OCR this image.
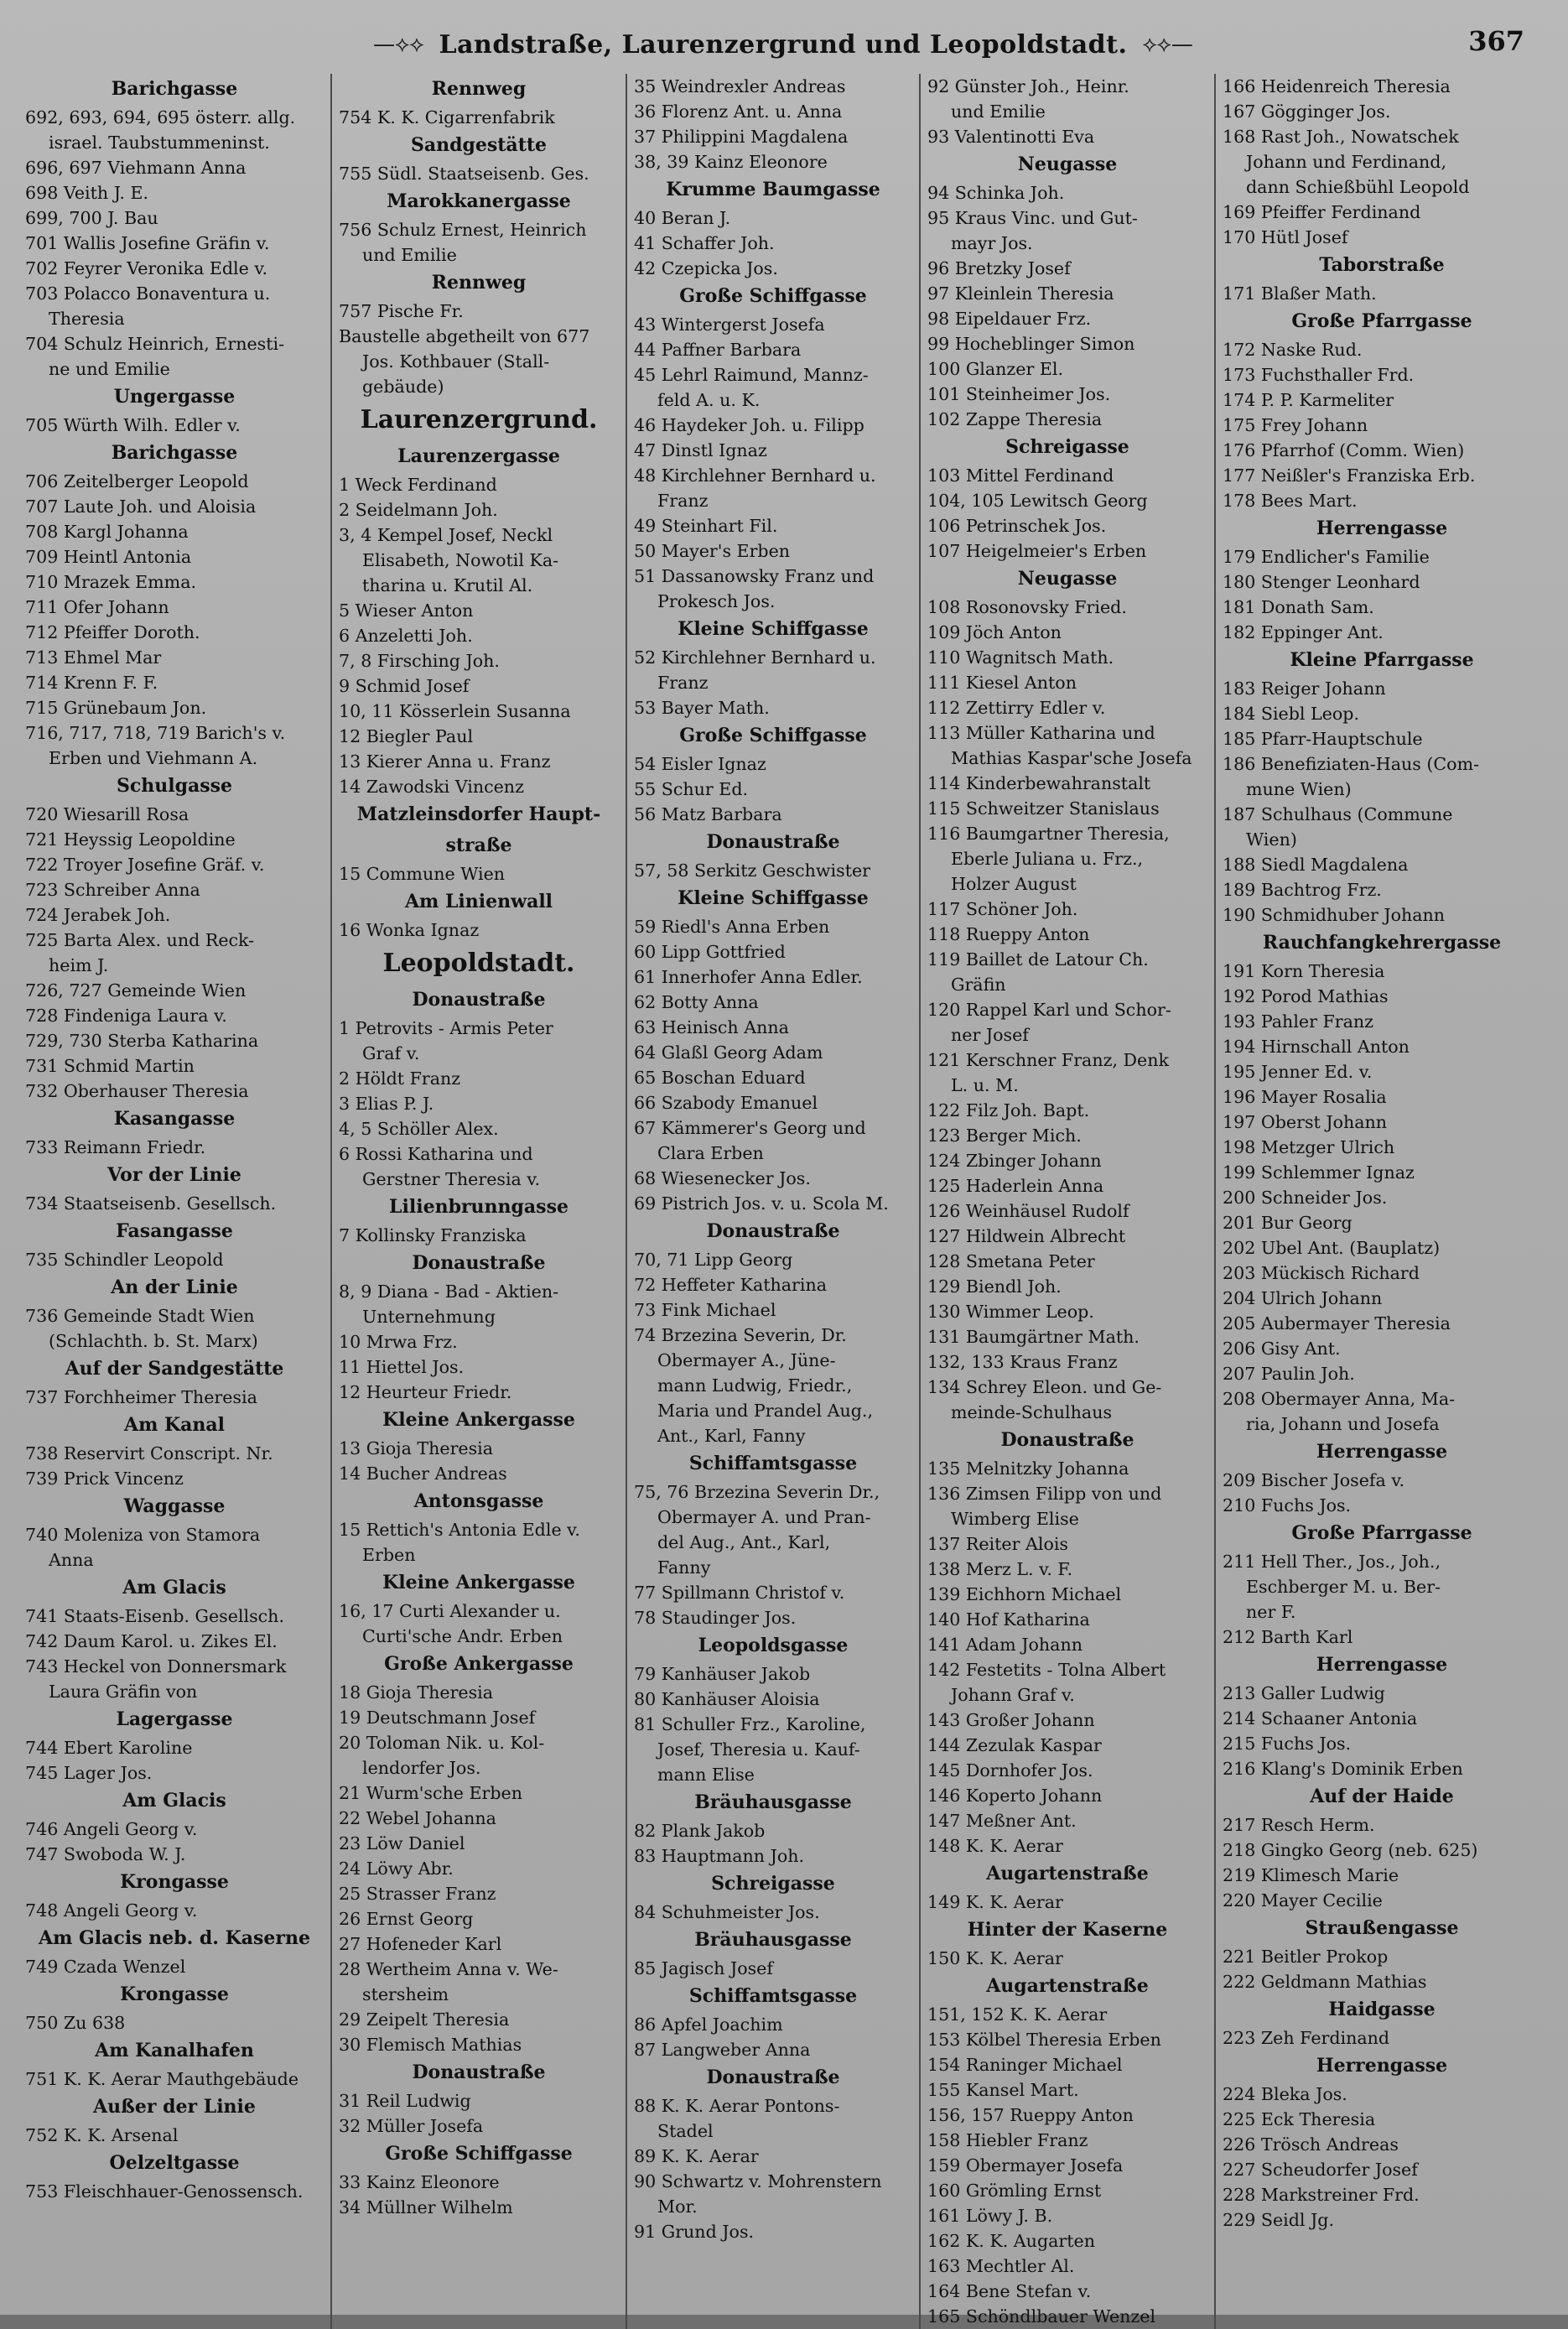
—⟡⟡ Landstraße, Laurenzergrund und Leopoldstadt. ⟡⟡—	367
Barichgasse
692, 693, 694, 695 österr. allg.
israel. Taubstummeninst.
696, 697 Viehmann Anna
698 Veith J. E.
699, 700 J. Bau
701 Wallis Josefine Gräfin v.
702 Feyrer Veronika Edle v.
703 Polacco Bonaventura u.
Theresia
704 Schulz Heinrich, Ernesti-
ne und Emilie
Ungergasse
705 Würth Wilh. Edler v.
Barichgasse
706 Zeitelberger Leopold
707 Laute Joh. und Aloisia
708 Kargl Johanna
709 Heintl Antonia
710 Mrazek Emma.
711 Ofer Johann
712 Pfeiffer Doroth.
713 Ehmel Mar
714 Krenn F. F.
715 Grünebaum Jon.
716, 717, 718, 719 Barich's v.
Erben und Viehmann A.
Schulgasse
720 Wiesarill Rosa
721 Heyssig Leopoldine
722 Troyer Josefine Gräf. v.
723 Schreiber Anna
724 Jerabek Joh.
725 Barta Alex. und Reck-
heim J.
726, 727 Gemeinde Wien
728 Findeniga Laura v.
729, 730 Sterba Katharina
731 Schmid Martin
732 Oberhauser Theresia
Kasangasse
733 Reimann Friedr.
Vor der Linie
734 Staatseisenb. Gesellsch.
Fasangasse
735 Schindler Leopold
An der Linie
736 Gemeinde Stadt Wien
(Schlachth. b. St. Marx)
Auf der Sandgestätte
737 Forchheimer Theresia
Am Kanal
738 Reservirt Conscript. Nr.
739 Prick Vincenz
Waggasse
740 Moleniza von Stamora
Anna
Am Glacis
741 Staats-Eisenb. Gesellsch.
742 Daum Karol. u. Zikes El.
743 Heckel von Donnersmark
Laura Gräfin von
Lagergasse
744 Ebert Karoline
745 Lager Jos.
Am Glacis
746 Angeli Georg v.
747 Swoboda W. J.
Krongasse
748 Angeli Georg v.
Am Glacis neb. d. Kaserne
749 Czada Wenzel
Krongasse
750 Zu 638
Am Kanalhafen
751 K. K. Aerar Mauthgebäude
Außer der Linie
752 K. K. Arsenal
Oelzeltgasse
753 Fleischhauer-Genossensch.
Rennweg
754 K. K. Cigarrenfabrik
Sandgestätte
755 Südl. Staatseisenb. Ges.
Marokkanergasse
756 Schulz Ernest, Heinrich
und Emilie
Rennweg
757 Pische Fr.
Baustelle abgetheilt von 677
Jos. Kothbauer (Stall-
gebäude)
Laurenzergrund.
Laurenzergasse
1 Weck Ferdinand
2 Seidelmann Joh.
3, 4 Kempel Josef, Neckl
Elisabeth, Nowotil Ka-
tharina u. Krutil Al.
5 Wieser Anton
6 Anzeletti Joh.
7, 8 Firsching Joh.
9 Schmid Josef
10, 11 Kösserlein Susanna
12 Biegler Paul
13 Kierer Anna u. Franz
14 Zawodski Vincenz
Matzleinsdorfer Haupt-
straße
15 Commune Wien
Am Linienwall
16 Wonka Ignaz
Leopoldstadt.
Donaustraße
1 Petrovits - Armis Peter
Graf v.
2 Höldt Franz
3 Elias P. J.
4, 5 Schöller Alex.
6 Rossi Katharina und
Gerstner Theresia v.
Lilienbrunngasse
7 Kollinsky Franziska
Donaustraße
8, 9 Diana - Bad - Aktien-
Unternehmung
10 Mrwa Frz.
11 Hiettel Jos.
12 Heurteur Friedr.
Kleine Ankergasse
13 Gioja Theresia
14 Bucher Andreas
Antonsgasse
15 Rettich's Antonia Edle v.
Erben
Kleine Ankergasse
16, 17 Curti Alexander u.
Curti'sche Andr. Erben
Große Ankergasse
18 Gioja Theresia
19 Deutschmann Josef
20 Toloman Nik. u. Kol-
lendorfer Jos.
21 Wurm'sche Erben
22 Webel Johanna
23 Löw Daniel
24 Löwy Abr.
25 Strasser Franz
26 Ernst Georg
27 Hofeneder Karl
28 Wertheim Anna v. We-
stersheim
29 Zeipelt Theresia
30 Flemisch Mathias
Donaustraße
31 Reil Ludwig
32 Müller Josefa
Große Schiffgasse
33 Kainz Eleonore
34 Müllner Wilhelm
35 Weindrexler Andreas
36 Florenz Ant. u. Anna
37 Philippini Magdalena
38, 39 Kainz Eleonore
Krumme Baumgasse
40 Beran J.
41 Schaffer Joh.
42 Czepicka Jos.
Große Schiffgasse
43 Wintergerst Josefa
44 Paffner Barbara
45 Lehrl Raimund, Mannz-
feld A. u. K.
46 Haydeker Joh. u. Filipp
47 Dinstl Ignaz
48 Kirchlehner Bernhard u.
Franz
49 Steinhart Fil.
50 Mayer's Erben
51 Dassanowsky Franz und
Prokesch Jos.
Kleine Schiffgasse
52 Kirchlehner Bernhard u.
Franz
53 Bayer Math.
Große Schiffgasse
54 Eisler Ignaz
55 Schur Ed.
56 Matz Barbara
Donaustraße
57, 58 Serkitz Geschwister
Kleine Schiffgasse
59 Riedl's Anna Erben
60 Lipp Gottfried
61 Innerhofer Anna Edler.
62 Botty Anna
63 Heinisch Anna
64 Glaßl Georg Adam
65 Boschan Eduard
66 Szabody Emanuel
67 Kämmerer's Georg und
Clara Erben
68 Wiesenecker Jos.
69 Pistrich Jos. v. u. Scola M.
Donaustraße
70, 71 Lipp Georg
72 Heffeter Katharina
73 Fink Michael
74 Brzezina Severin, Dr.
Obermayer A., Jüne-
mann Ludwig, Friedr.,
Maria und Prandel Aug.,
Ant., Karl, Fanny
Schiffamtsgasse
75, 76 Brzezina Severin Dr.,
Obermayer A. und Pran-
del Aug., Ant., Karl,
Fanny
77 Spillmann Christof v.
78 Staudinger Jos.
Leopoldsgasse
79 Kanhäuser Jakob
80 Kanhäuser Aloisia
81 Schuller Frz., Karoline,
Josef, Theresia u. Kauf-
mann Elise
Bräuhausgasse
82 Plank Jakob
83 Hauptmann Joh.
Schreigasse
84 Schuhmeister Jos.
Bräuhausgasse
85 Jagisch Josef
Schiffamtsgasse
86 Apfel Joachim
87 Langweber Anna
Donaustraße
88 K. K. Aerar Pontons-
Stadel
89 K. K. Aerar
90 Schwartz v. Mohrenstern
Mor.
91 Grund Jos.
92 Günster Joh., Heinr.
und Emilie
93 Valentinotti Eva
Neugasse
94 Schinka Joh.
95 Kraus Vinc. und Gut-
mayr Jos.
96 Bretzky Josef
97 Kleinlein Theresia
98 Eipeldauer Frz.
99 Hocheblinger Simon
100 Glanzer El.
101 Steinheimer Jos.
102 Zappe Theresia
Schreigasse
103 Mittel Ferdinand
104, 105 Lewitsch Georg
106 Petrinschek Jos.
107 Heigelmeier's Erben
Neugasse
108 Rosonovsky Fried.
109 Jöch Anton
110 Wagnitsch Math.
111 Kiesel Anton
112 Zettirry Edler v.
113 Müller Katharina und
Mathias Kaspar'sche Josefa
114 Kinderbewahranstalt
115 Schweitzer Stanislaus
116 Baumgartner Theresia,
Eberle Juliana u. Frz.,
Holzer August
117 Schöner Joh.
118 Rueppy Anton
119 Baillet de Latour Ch.
Gräfin
120 Rappel Karl und Schor-
ner Josef
121 Kerschner Franz, Denk
L. u. M.
122 Filz Joh. Bapt.
123 Berger Mich.
124 Zbinger Johann
125 Haderlein Anna
126 Weinhäusel Rudolf
127 Hildwein Albrecht
128 Smetana Peter
129 Biendl Joh.
130 Wimmer Leop.
131 Baumgärtner Math.
132, 133 Kraus Franz
134 Schrey Eleon. und Ge-
meinde-Schulhaus
Donaustraße
135 Melnitzky Johanna
136 Zimsen Filipp von und
Wimberg Elise
137 Reiter Alois
138 Merz L. v. F.
139 Eichhorn Michael
140 Hof Katharina
141 Adam Johann
142 Festetits - Tolna Albert
Johann Graf v.
143 Großer Johann
144 Zezulak Kaspar
145 Dornhofer Jos.
146 Koperto Johann
147 Meßner Ant.
148 K. K. Aerar
Augartenstraße
149 K. K. Aerar
Hinter der Kaserne
150 K. K. Aerar
Augartenstraße
151, 152 K. K. Aerar
153 Kölbel Theresia Erben
154 Raninger Michael
155 Kansel Mart.
156, 157 Rueppy Anton
158 Hiebler Franz
159 Obermayer Josefa
160 Grömling Ernst
161 Löwy J. B.
162 K. K. Augarten
163 Mechtler Al.
164 Bene Stefan v.
165 Schöndlbauer Wenzel
166 Heidenreich Theresia
167 Gögginger Jos.
168 Rast Joh., Nowatschek
Johann und Ferdinand,
dann Schießbühl Leopold
169 Pfeiffer Ferdinand
170 Hütl Josef
Taborstraße
171 Blaßer Math.
Große Pfarrgasse
172 Naske Rud.
173 Fuchsthaller Frd.
174 P. P. Karmeliter
175 Frey Johann
176 Pfarrhof (Comm. Wien)
177 Neißler's Franziska Erb.
178 Bees Mart.
Herrengasse
179 Endlicher's Familie
180 Stenger Leonhard
181 Donath Sam.
182 Eppinger Ant.
Kleine Pfarrgasse
183 Reiger Johann
184 Siebl Leop.
185 Pfarr-Hauptschule
186 Benefiziaten-Haus (Com-
mune Wien)
187 Schulhaus (Commune
Wien)
188 Siedl Magdalena
189 Bachtrog Frz.
190 Schmidhuber Johann
Rauchfangkehrergasse
191 Korn Theresia
192 Porod Mathias
193 Pahler Franz
194 Hirnschall Anton
195 Jenner Ed. v.
196 Mayer Rosalia
197 Oberst Johann
198 Metzger Ulrich
199 Schlemmer Ignaz
200 Schneider Jos.
201 Bur Georg
202 Ubel Ant. (Bauplatz)
203 Mückisch Richard
204 Ulrich Johann
205 Aubermayer Theresia
206 Gisy Ant.
207 Paulin Joh.
208 Obermayer Anna, Ma-
ria, Johann und Josefa
Herrengasse
209 Bischer Josefa v.
210 Fuchs Jos.
Große Pfarrgasse
211 Hell Ther., Jos., Joh.,
Eschberger M. u. Ber-
ner F.
212 Barth Karl
Herrengasse
213 Galler Ludwig
214 Schaaner Antonia
215 Fuchs Jos.
216 Klang's Dominik Erben
Auf der Haide
217 Resch Herm.
218 Gingko Georg (neb. 625)
219 Klimesch Marie
220 Mayer Cecilie
Straußengasse
221 Beitler Prokop
222 Geldmann Mathias
Haidgasse
223 Zeh Ferdinand
Herrengasse
224 Bleka Jos.
225 Eck Theresia
226 Trösch Andreas
227 Scheudorfer Josef
228 Markstreiner Frd.
229 Seidl Jg.
